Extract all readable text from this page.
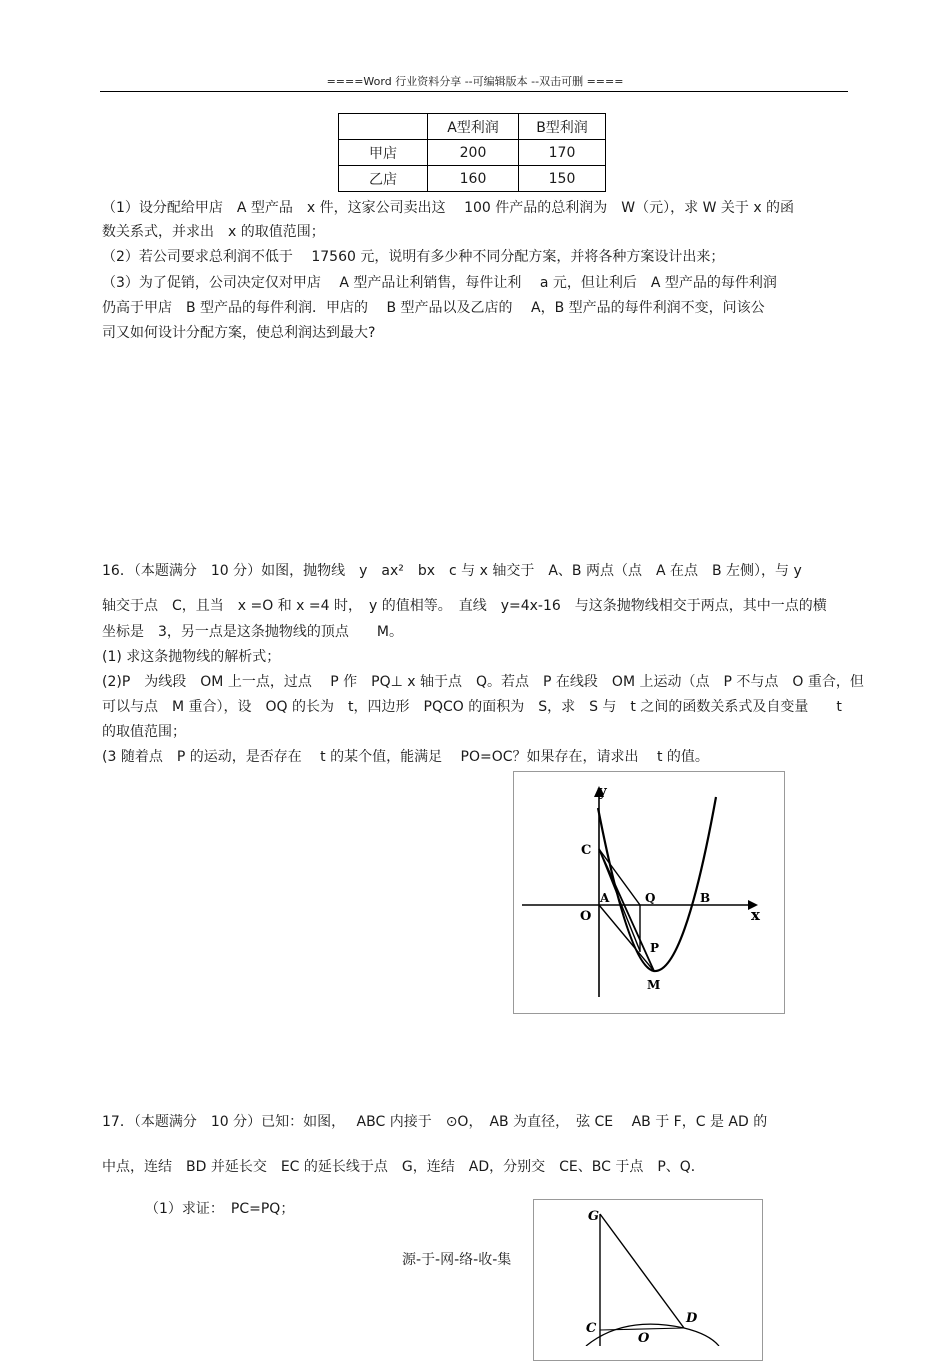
====Word 行业资料分享 --可编辑版本 --双击可删 ====
	A型利润	B型利润
甲店	200	170
乙店	160	150
（1）设分配给甲店　A 型产品　x 件，这家公司卖出这　 100 件产品的总利润为　W（元），求 W 关于 x 的函
数关系式，并求出　x 的取值范围；
（2）若公司要求总利润不低于　 17560 元，说明有多少种不同分配方案，并将各种方案设计出来；
（3）为了促销，公司决定仅对甲店　 A 型产品让利销售，每件让利　 a 元，但让利后　A 型产品的每件利润
仍高于甲店　B 型产品的每件利润．甲店的　 B 型产品以及乙店的　 A，B 型产品的每件利润不变，问该公
司又如何设计分配方案，使总利润达到最大?
16．（本题满分　10 分）如图，抛物线　y　ax²　bx　c 与 x 轴交于　A、B 两点（点　A 在点　B 左侧），与 y
轴交于点　C，且当　x =O 和 x =4 时，　y 的值相等。　直线　y=4x-16　与这条抛物线相交于两点，其中一点的横
坐标是　3，另一点是这条抛物线的顶点　　M。
(1) 求这条抛物线的解析式；
(2)P　为线段　OM 上一点，过点　 P 作　PQ⊥ x 轴于点　Q。若点　P 在线段　OM 上运动（点　P 不与点　O 重合，但
可以与点　M 重合），设　OQ 的长为　t，四边形　PQCO 的面积为　S，求　S 与　t 之间的函数关系式及自变量　　t
的取值范围；
(3 随着点　P 的运动，是否存在　 t 的某个值，能满足　 PO=OC？如果存在，请求出　 t 的值。
y
x
O
C
A	Q	B
P
M
17．（本题满分　10 分）已知：如图，　 ABC 内接于　⊙O，　AB 为直径，　弦 CE　 AB 于 F，C 是 AD 的
中点，连结　BD 并延长交　EC 的延长线于点　G，连结　AD，分别交　CE、BC 于点　P、Q．
（1）求证：　PC=PQ；	G
C
D
O
源-于-网-络-收-集
